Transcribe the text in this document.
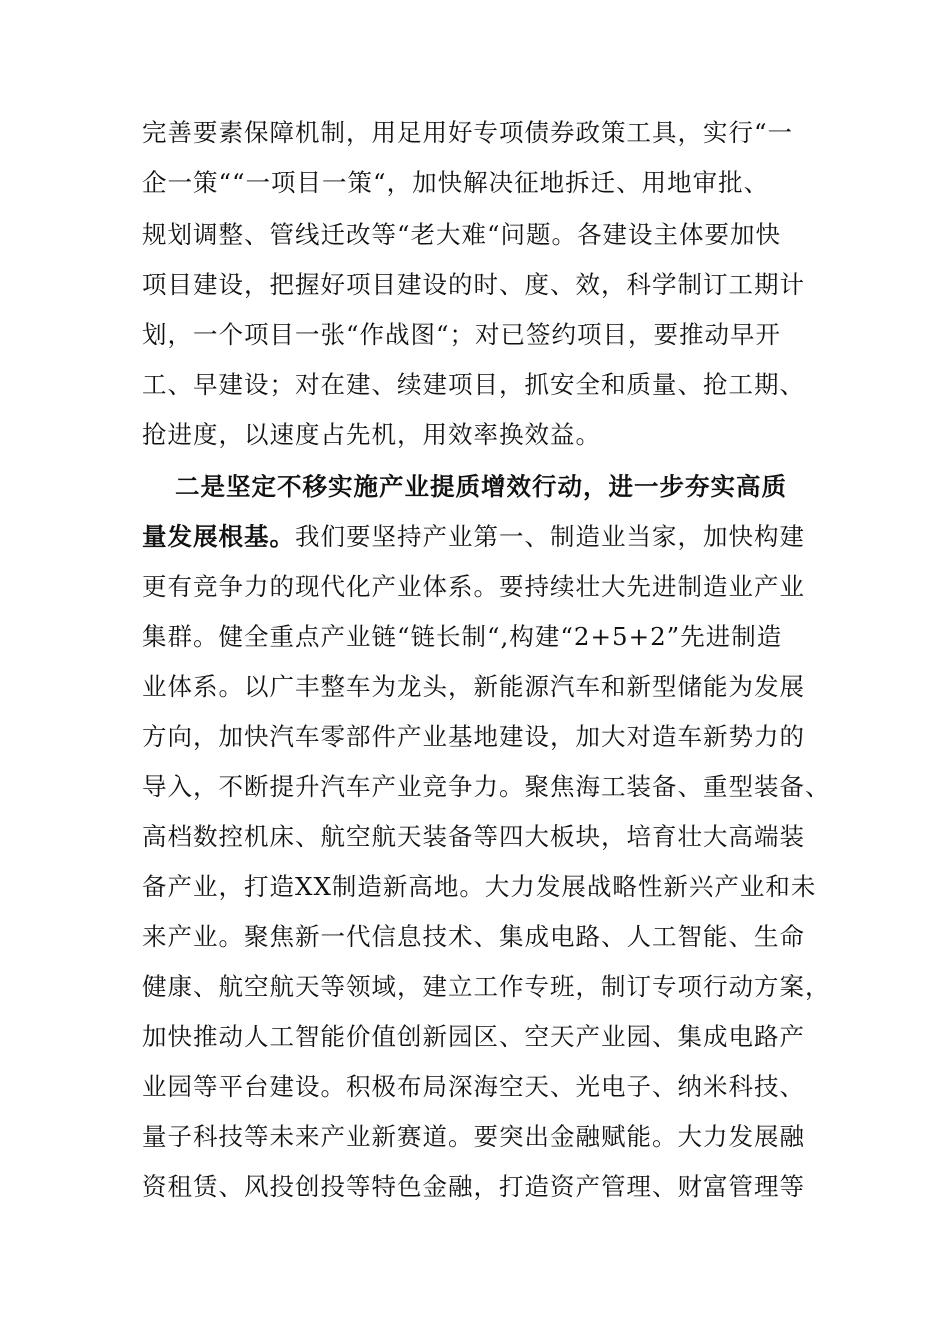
完善要素保障机制，用足用好专项债券政策工具，实行“一
企一策““一项目一策“，加快解决征地拆迁、用地审批、
规划调整、管线迁改等“老大难“问题。各建设主体要加快
项目建设，把握好项目建设的时、度、效，科学制订工期计
划，一个项目一张“作战图“；对已签约项目，要推动早开
工、早建设；对在建、续建项目，抓安全和质量、抢工期、
抢进度，以速度占先机，用效率换效益。
二是坚定不移实施产业提质增效行动，进一步夯实高质
量发展根基。我们要坚持产业第一、制造业当家，加快构建
更有竞争力的现代化产业体系。要持续壮大先进制造业产业
集群。健全重点产业链“链长制“,构建“2+5+2”先进制造
业体系。以广丰整车为龙头，新能源汽车和新型储能为发展
方向，加快汽车零部件产业基地建设，加大对造车新势力的
导入，不断提升汽车产业竞争力。聚焦海工装备、重型装备、
高档数控机床、航空航天装备等四大板块，培育壮大高端装
备产业，打造XX制造新高地。大力发展战略性新兴产业和未
来产业。聚焦新一代信息技术、集成电路、人工智能、生命
健康、航空航天等领域，建立工作专班，制订专项行动方案，
加快推动人工智能价值创新园区、空天产业园、集成电路产
业园等平台建设。积极布局深海空天、光电子、纳米科技、
量子科技等未来产业新赛道。要突出金融赋能。大力发展融
资租赁、风投创投等特色金融，打造资产管理、财富管理等
